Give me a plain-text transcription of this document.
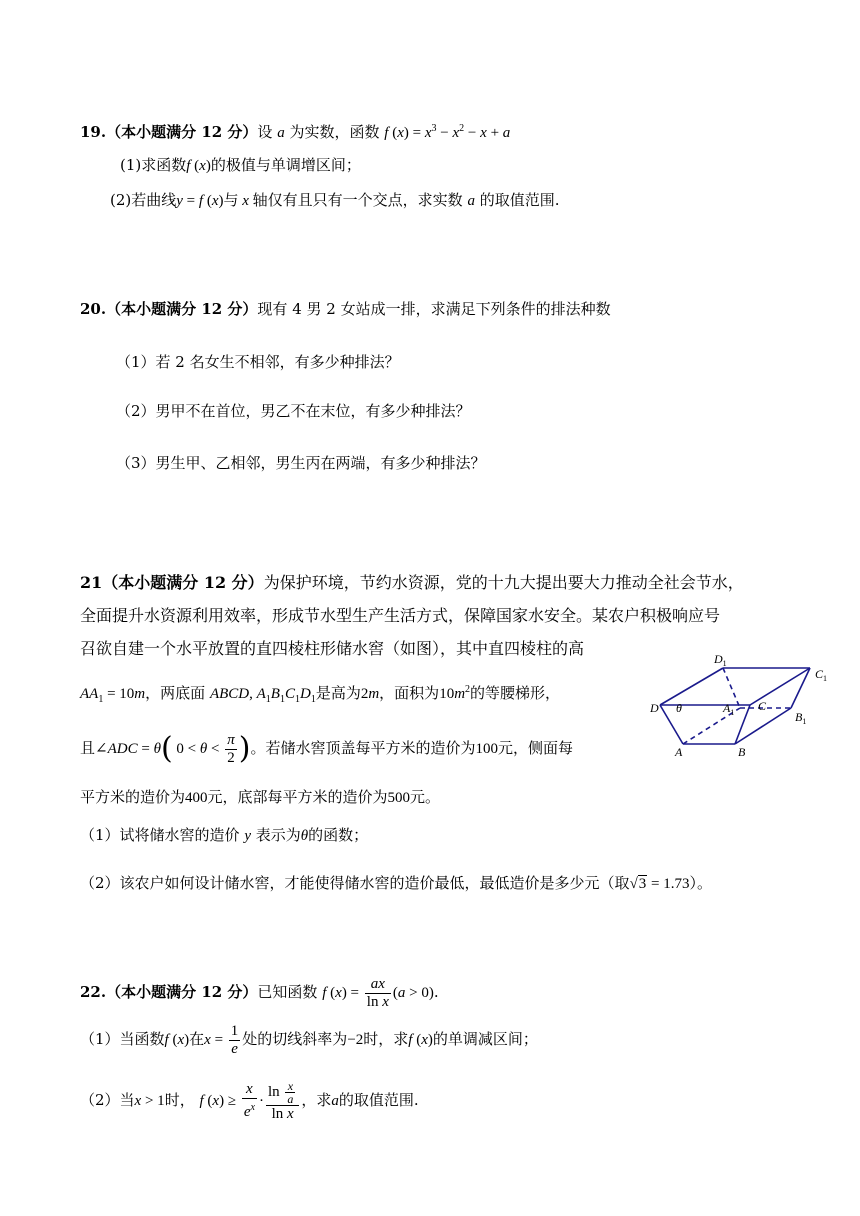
19.（本小题满分 12 分）设 a 为实数，函数 f $(x) = x^3 - x^2 - x + a$
(1)求函数f (x)的极值与单调增区间；
(2)若曲线y = f (x)与 x 轴仅有且只有一个交点，求实数 a 的取值范围.
20.（本小题满分 12 分）现有 4 男 2 女站成一排，求满足下列条件的排法种数
（1）若 2 名女生不相邻，有多少种排法？
（2）男甲不在首位，男乙不在末位，有多少种排法？
（3）男生甲、乙相邻，男生丙在两端，有多少种排法？
21（本小题满分 12 分）为保护环境，节约水资源，党的十九大提出要大力推动全社会节水，
全面提升水资源利用效率，形成节水型生产生活方式，保障国家水安全。某农户积极响应号
召欲自建一个水平放置的直四棱柱形储水窖（如图），其中直四棱柱的高
$AA_1 = 10m$，两底面 ABCD, $A_1B_1C_1D_1$是高为2m，面积为$10m^2$的等腰梯形，
且∠ADC = θ( $0 < \theta < \frac{\pi}{2}$ )。若储水窖顶盖每平方米的造价为100元，侧面每
平方米的造价为400元，底部每平方米的造价为500元。
（1）试将储水窖的造价 y 表示为θ的函数；
（2）该农户如何设计储水窖，才能使得储水窖的造价最低，最低造价是多少元（取√3 = 1.73）。
$D_1$
$C_1$
D θ	$A_1$ C
$B_1$
A	B
22.（本小题满分 12 分）已知函数 f $(x) = \frac{ax}{\text{ln x}} (a > 0)$.
（1）当函数f (x)在$x = \frac{1}{e}$ 处的切线斜率为−2时，求f (x)的单调减区间；
（2）当x > 1时， f $(x) \ge \frac{x}{e^x} \cdot \frac{\ln \frac{x}{a}}{\text{ln x}}$ ，求a的取值范围.
